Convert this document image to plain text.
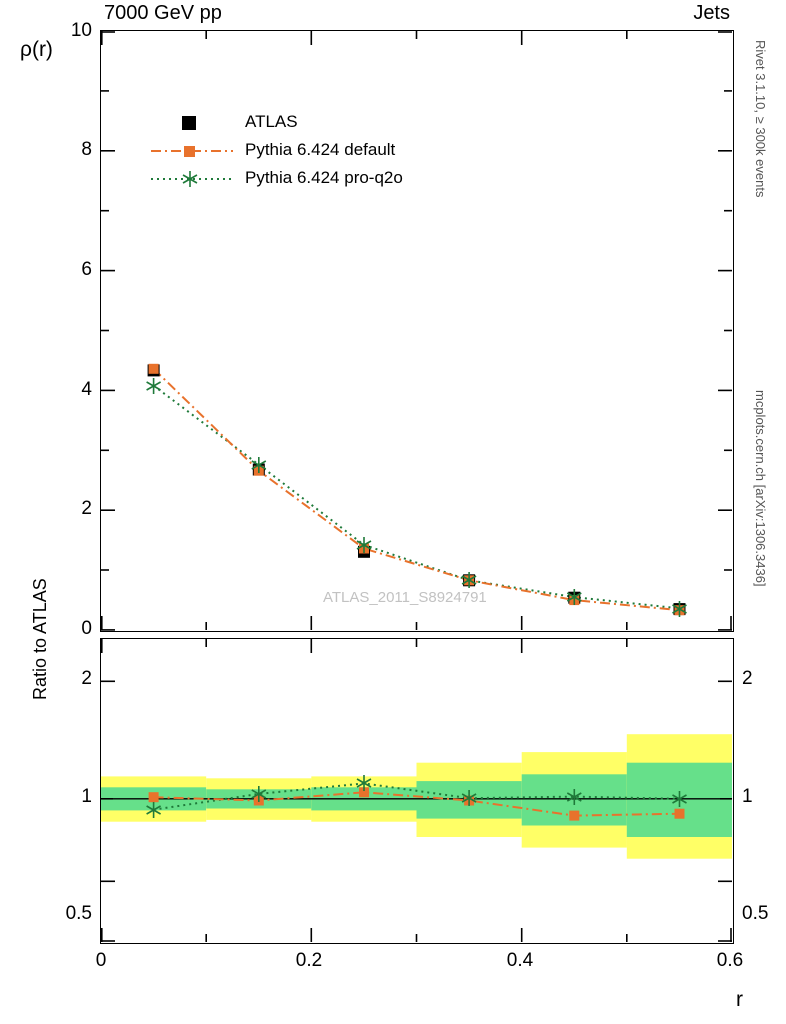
7000 GeV pp	Jets
ρ(r)
r
Rivet 3.1.10, ≥ 300k events
mcplots.cern.ch [arXiv:1306.3436]
Ratio to ATLAS
ATLAS
Pythia 6.424 default
Pythia 6.424 pro-q2o
ATLAS_2011_S8924791
10
8
6
4
2
0
2
1
0.5
2
1
0.5
0	0.2	0.4	0.6
